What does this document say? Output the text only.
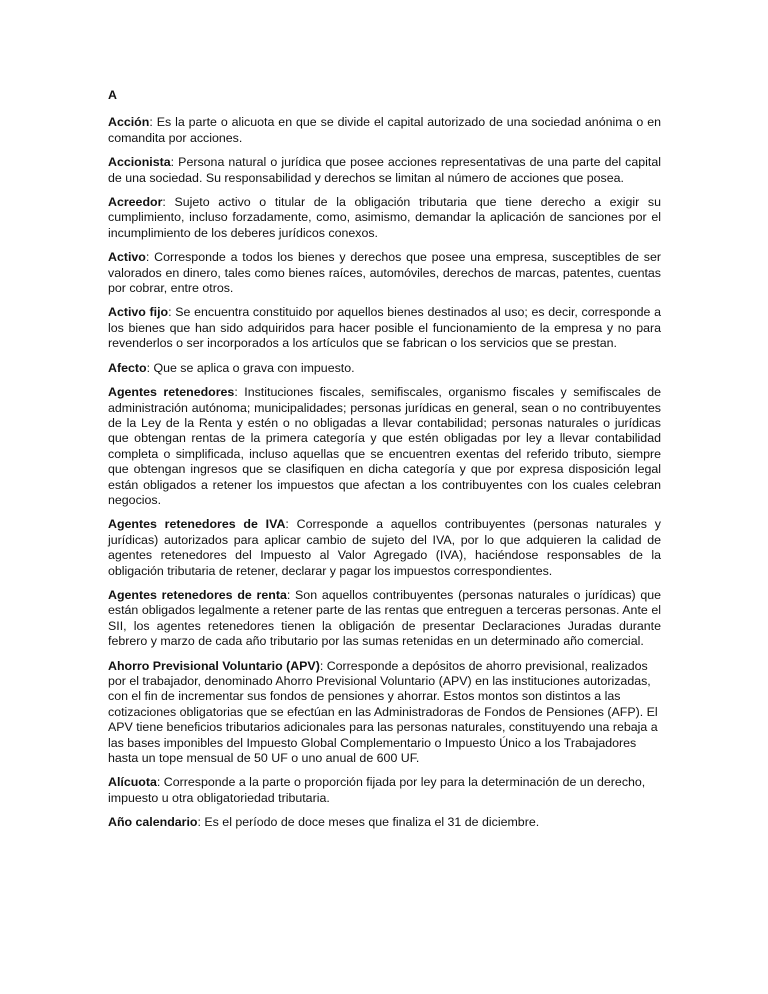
A
Acción: Es la parte o alicuota en que se divide el capital autorizado de una sociedad anónima o en comandita por acciones.
Accionista: Persona natural o jurídica que posee acciones representativas de una parte del capital de una sociedad. Su responsabilidad y derechos se limitan al número de acciones que posea.
Acreedor: Sujeto activo o titular de la obligación tributaria que tiene derecho a exigir su cumplimiento, incluso forzadamente, como, asimismo, demandar la aplicación de sanciones por el incumplimiento de los deberes jurídicos conexos.
Activo: Corresponde a todos los bienes y derechos que posee una empresa, susceptibles de ser valorados en dinero, tales como bienes raíces, automóviles, derechos de marcas, patentes, cuentas por cobrar, entre otros.
Activo fijo: Se encuentra constituido por aquellos bienes destinados al uso; es decir, corresponde a los bienes que han sido adquiridos para hacer posible el funcionamiento de la empresa y no para revenderlos o ser incorporados a los artículos que se fabrican o los servicios que se prestan.
Afecto: Que se aplica o grava con impuesto.
Agentes retenedores: Instituciones fiscales, semifiscales, organismo fiscales y semifiscales de administración autónoma; municipalidades; personas jurídicas en general, sean o no contribuyentes de la Ley de la Renta y estén o no obligadas a llevar contabilidad; personas naturales o jurídicas que obtengan rentas de la primera categoría y que estén obligadas por ley a llevar contabilidad completa o simplificada, incluso aquellas que se encuentren exentas del referido tributo, siempre que obtengan ingresos que se clasifiquen en dicha categoría y que por expresa disposición legal están obligados a retener los impuestos que afectan a los contribuyentes con los cuales celebran negocios.
Agentes retenedores de IVA: Corresponde a aquellos contribuyentes (personas naturales y jurídicas) autorizados para aplicar cambio de sujeto del IVA, por lo que adquieren la calidad de agentes retenedores del Impuesto al Valor Agregado (IVA), haciéndose responsables de la obligación tributaria de retener, declarar y pagar los impuestos correspondientes.
Agentes retenedores de renta: Son aquellos contribuyentes (personas naturales o jurídicas) que están obligados legalmente a retener parte de las rentas que entreguen a terceras personas. Ante el SII, los agentes retenedores tienen la obligación de presentar Declaraciones Juradas durante febrero y marzo de cada año tributario por las sumas retenidas en un determinado año comercial.
Ahorro Previsional Voluntario (APV): Corresponde a depósitos de ahorro previsional, realizados por el trabajador, denominado Ahorro Previsional Voluntario (APV) en las instituciones autorizadas, con el fin de incrementar sus fondos de pensiones y ahorrar. Estos montos son distintos a las cotizaciones obligatorias que se efectúan en las Administradoras de Fondos de Pensiones (AFP). El APV tiene beneficios tributarios adicionales para las personas naturales, constituyendo una rebaja a las bases imponibles del Impuesto Global Complementario o Impuesto Único a los Trabajadores hasta un tope mensual de 50 UF o uno anual de 600 UF.
Alícuota: Corresponde a la parte o proporción fijada por ley para la determinación de un derecho, impuesto u otra obligatoriedad tributaria.
Año calendario: Es el período de doce meses que finaliza el 31 de diciembre.
